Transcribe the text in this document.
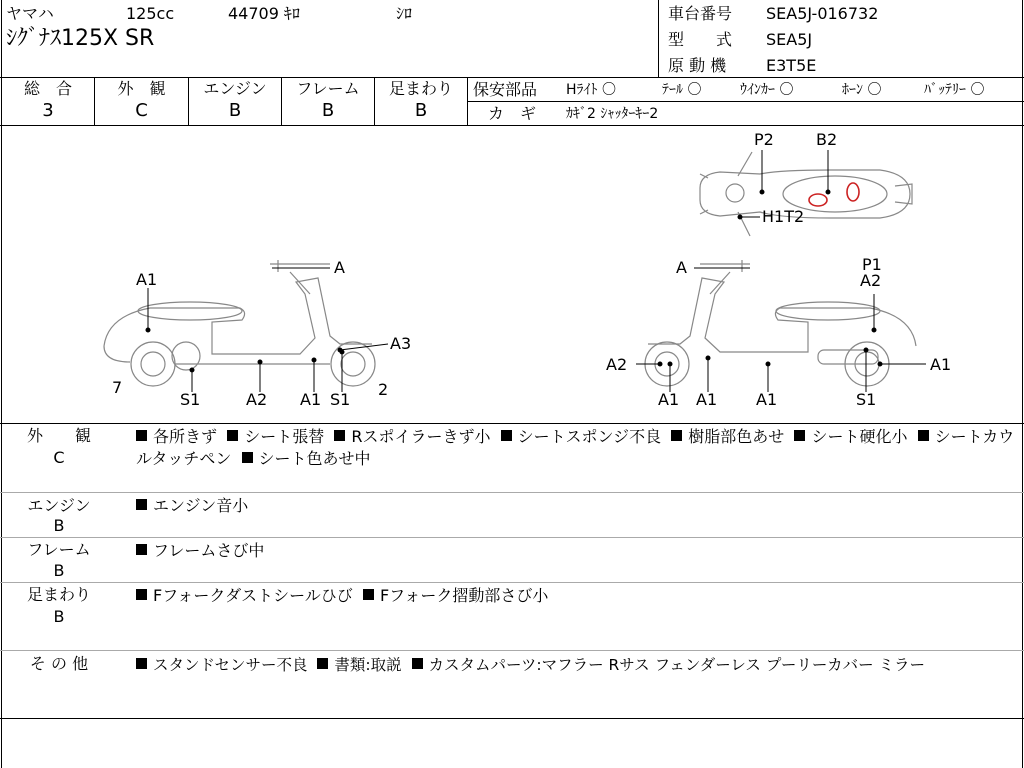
ヤマハ	125cc	44709 ｷﾛ	ｼﾛ
ｼｸﾞﾅｽ125X SR
車台番号 SEA5J-016732
型　　式 SEA5J
原 動 機 E3T5E
総　合
3
外　観
C
エンジン
B
フレーム
B
足まわり
B
保安部品 Hﾗｲﾄ 〇	ﾃｰﾙ 〇	ｳｲﾝｶｰ 〇	ﾎｰﾝ 〇	ﾊﾞｯﾃﾘｰ 〇
カ　ギ ｶｷﾞ2 ｼｬｯﾀｰｷｰ2
P2	B2
H1T2
A
A1
A3
7	2
S1	A2 A1 S1
A	P1
A2
A2	A1
A1 A1 A1	S1
外　　観
C
各所きず シート張替 Rスポイラーきず小 シートスポンジ不良 樹脂部色あせ シート硬化小 シートカウルタッチペン シート色あせ中
エンジン
B
エンジン音小
フレーム
B
フレームさび中
足まわり
B
Fフォークダストシールひび Fフォーク摺動部さび小
そ の 他	スタンドセンサー不良 書類:取説 カスタムパーツ:マフラー Rサス フェンダーレス プーリーカバー ミラー
